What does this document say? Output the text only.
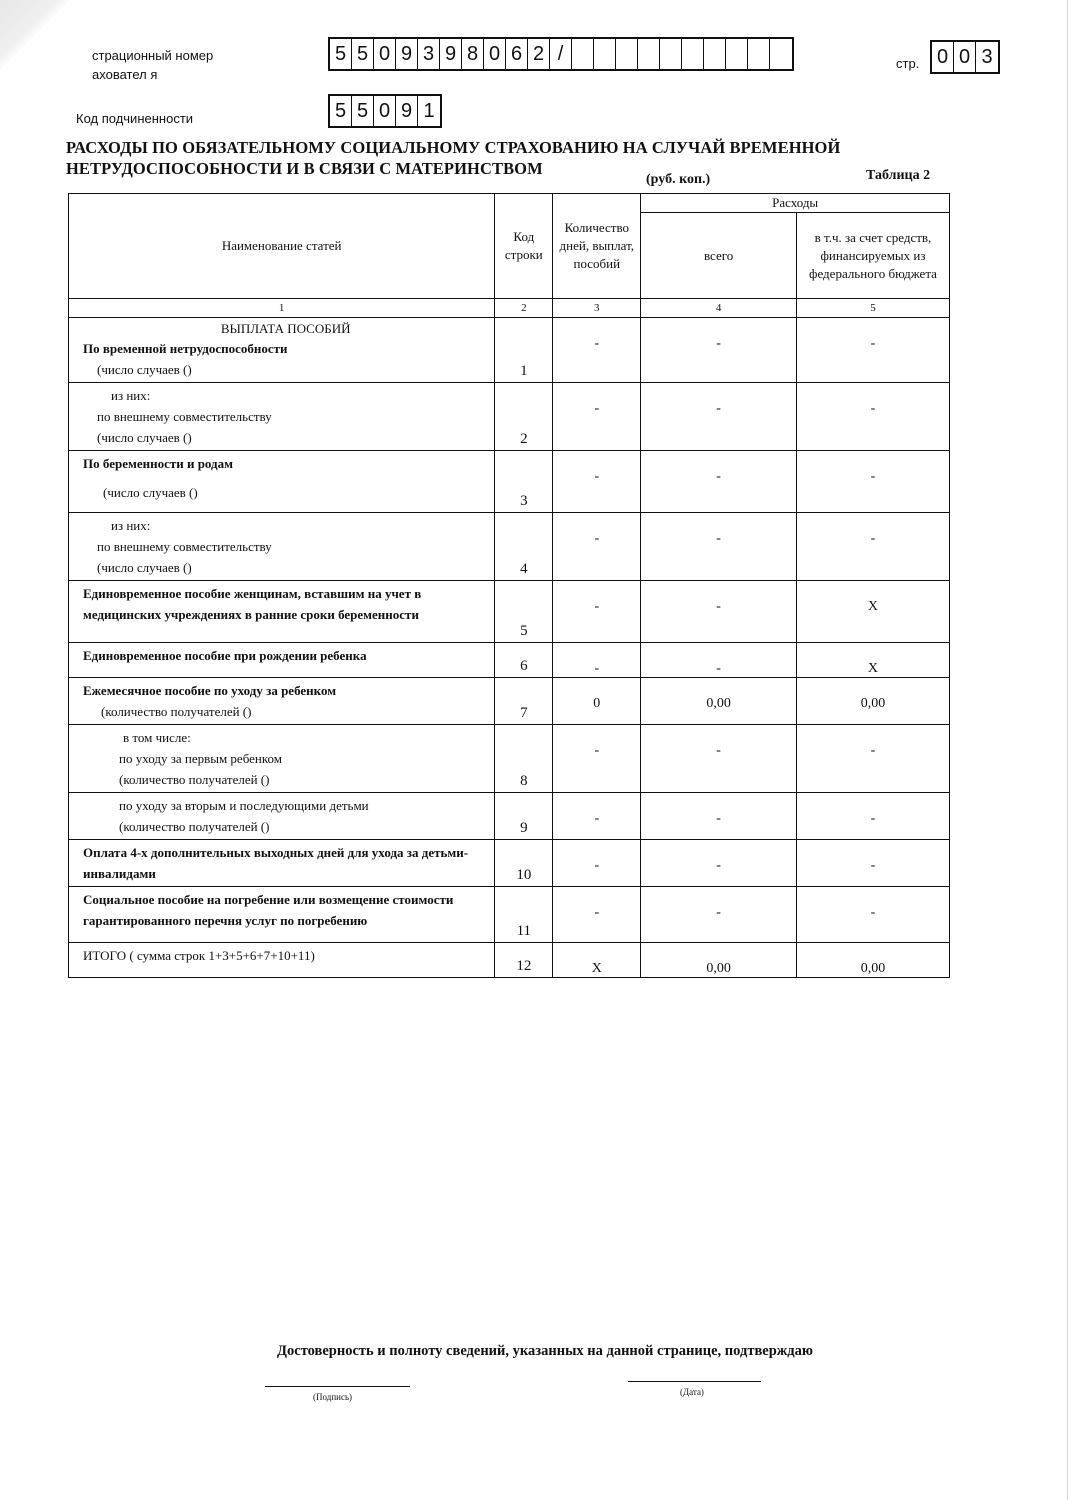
страционный номер
аховател я
5 5 0 9 3 9 8 0 6 2 /	стр. 0 0 3
Код подчиненности	5 5 0 9 1
РАСХОДЫ ПО ОБЯЗАТЕЛЬНОМУ СОЦИАЛЬНОМУ СТРАХОВАНИЮ НА СЛУЧАЙ ВРЕМЕННОЙ
НЕТРУДОСПОСОБНОСТИ И В СВЯЗИ С МАТЕРИНСТВОМ
(руб. коп.)	Таблица 2
Наименование статей	Код строки	Количество дней, выплат, пособий	Расходы	
			всего	в т.ч. за счет средств, финансируемых из федерального бюджета
1	2	3	4	5

ВЫПЛАТА ПОСОБИЙ
По временной нетрудоспособности
(число случаев ()	1	-	-	-

из них:
по внешнему совместительству
(число случаев ()	2	-	-	-

По беременности и родам
(число случаев ()	3	-	-	-

из них:
по внешнему совместительству
(число случаев ()	4	-	-	-

Единовременное пособие женщинам, вставшим на учет в медицинских учреждениях в ранние сроки беременности	5	-	-	X

Единовременное пособие при рождении ребенка	6	-	-	X

Ежемесячное пособие по уходу за ребенком
(количество получателей ()	7	0	0,00	0,00

в том числе:
по уходу за первым ребенком
(количество получателей ()	8	-	-	-

по уходу за вторым и последующими детьми
(количество получателей ()	9	-	-	-

Оплата 4-х дополнительных выходных дней для ухода за детьми-инвалидами	10	-	-	-

Социальное пособие на погребение или возмещение стоимости гарантированного перечня услуг по погребению	11	-	-	-

ИТОГО ( сумма строк 1+3+5+6+7+10+11)	12	X	0,00	0,00
Достоверность и полноту сведений, указанных на данной странице, подтверждаю
(Подпись)	(Дата)
